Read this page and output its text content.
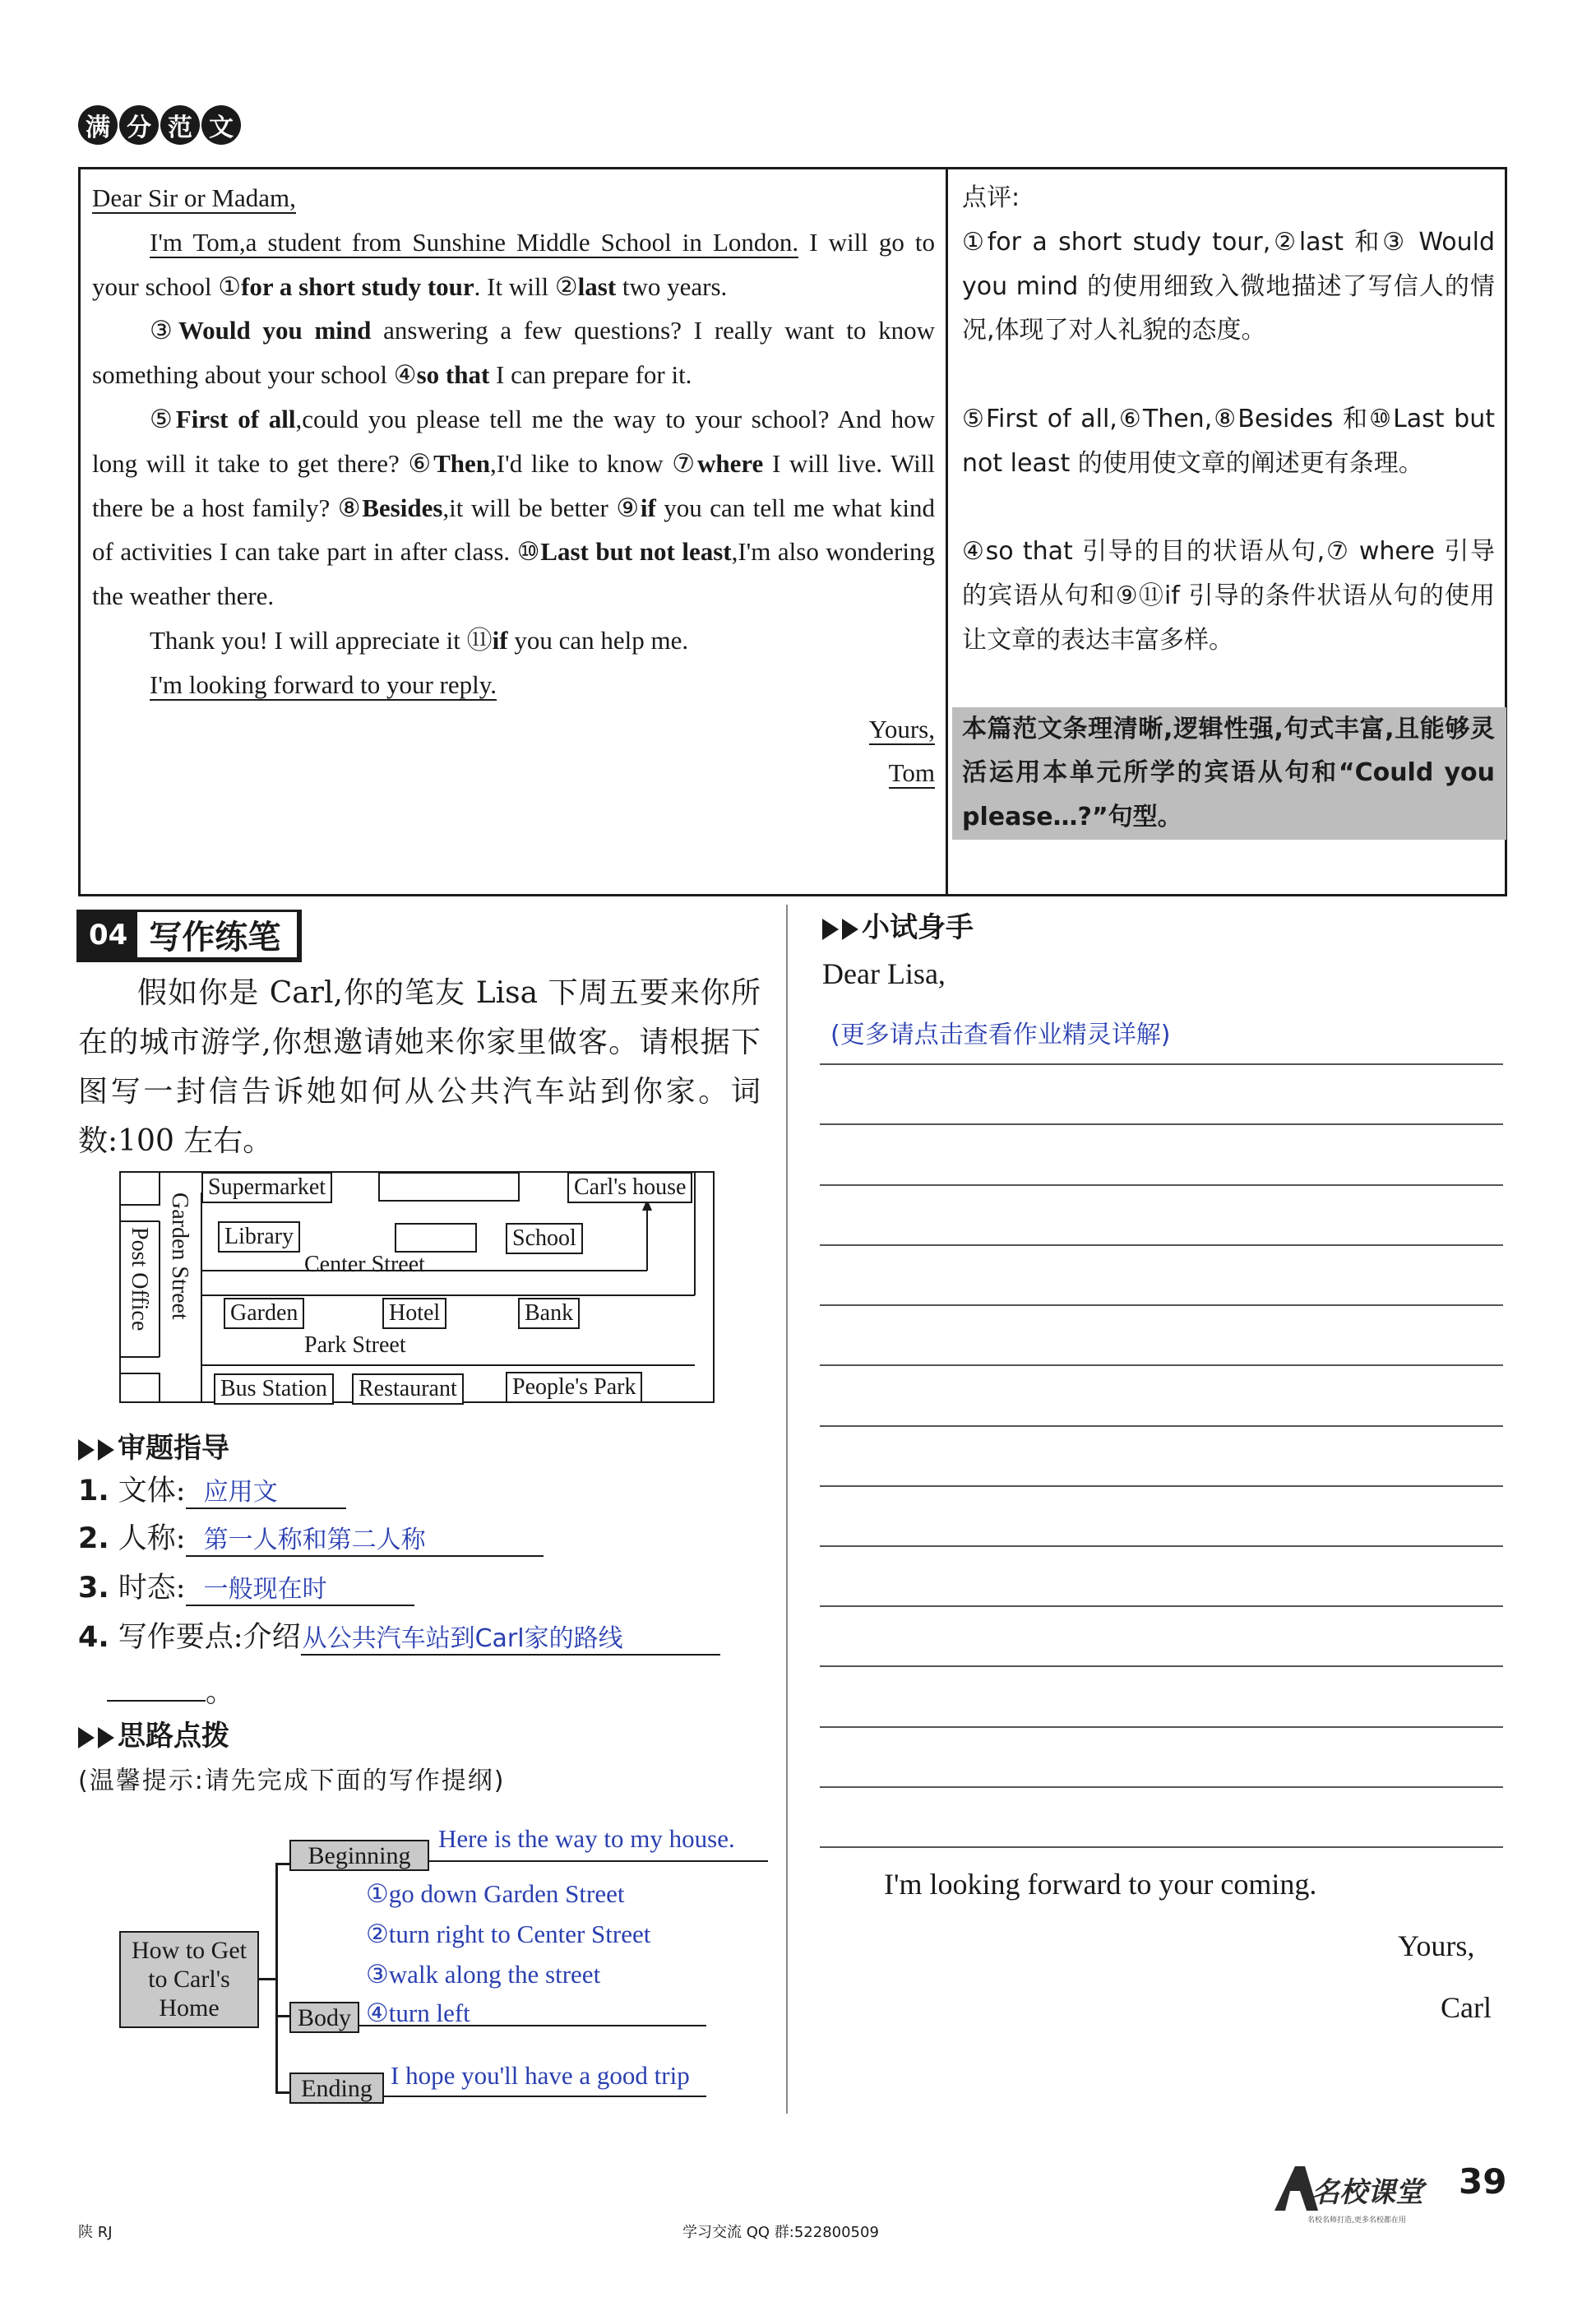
满 分 范 文

Dear Sir or Madam,

I'm Tom,a student from Sunshine Middle School in London. I will go to your school ①for a short study tour. It will ②last two years.

③Would you mind answering a few questions? I really want to know something about your school ④so that I can prepare for it.

⑤First of all,could you please tell me the way to your school? And how long will it take to get there? ⑥Then,I'd like to know ⑦where I will live. Will there be a host family? ⑧Besides,it will be better ⑨if you can tell me what kind of activities I can take part in after class. ⑩Last but not least,I'm also wondering the weather there.

Thank you! I will appreciate it ⑪if you can help me.

I'm looking forward to your reply.

Yours,

Tom

点评:

①for a short study tour,②last 和③ Would you mind 的使用细致入微地描述了写信人的情况,体现了对人礼貌的态度。

⑤First of all,⑥Then,⑧Besides 和⑩Last but not least 的使用使文章的阐述更有条理。

④so that 引导的目的状语从句,⑦ where 引导的宾语从句和⑨⑪if 引导的条件状语从句的使用让文章的表达丰富多样。

本篇范文条理清晰,逻辑性强,句式丰富,且能够灵活运用本单元所学的宾语从句和“Could you please…?”句型。

04 写作练笔

假如你是 Carl,你的笔友 Lisa 下周五要来你所在的城市游学,你想邀请她来你家里做客。请根据下图写一封信告诉她如何从公共汽车站到你家。词数:100 左右。

Supermarket	Carl's house
Library	School
Center Street
Garden	Hotel	Bank
Park Street
Bus Station Restaurant People's Park
Garden Street
Post Office
审题指导
1. 文体: 应用文
2. 人称: 第一人称和第二人称
3. 时态: 一般现在时
4. 写作要点:介绍从公共汽车站到Carl家的路线
。
思路点拨
(温馨提示:请先完成下面的写作提纲)
How to Get to Carl's Home
Beginning
Body
Ending
Here is the way to my house.
①go down Garden Street
②turn right to Center Street
③walk along the street
④turn left
I hope you'll have a good trip
小试身手
Dear Lisa,
(更多请点击查看作业精灵详解)
I'm looking forward to your coming.
Yours,
Carl
陕 RJ	学习交流 QQ 群:522800509
名校课堂
名校名师打造,更多名校都在用
39
